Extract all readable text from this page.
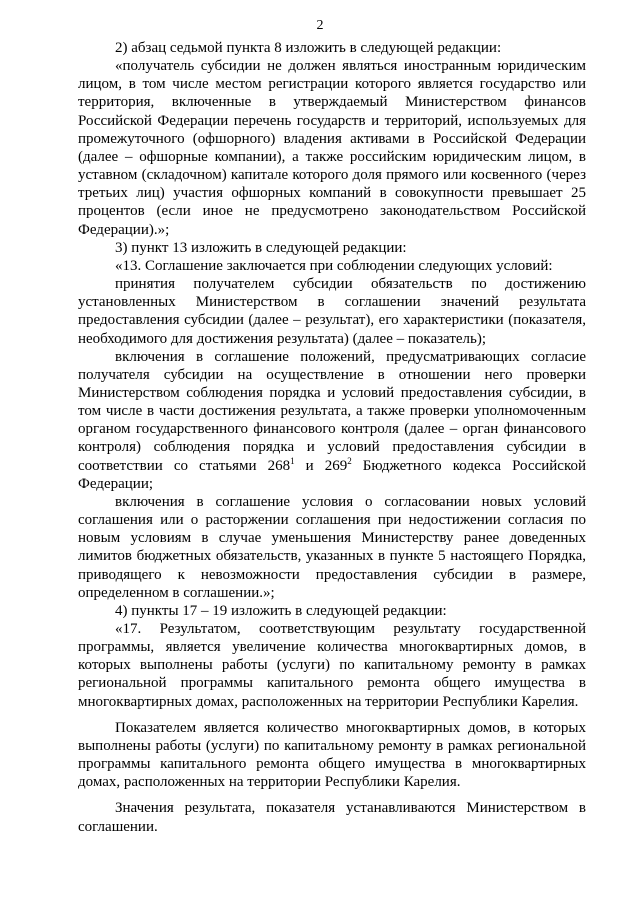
2

2) абзац седьмой пункта 8 изложить в следующей редакции:

«получатель субсидии не должен являться иностранным юридическим лицом, в том числе местом регистрации которого является государство или территория, включенные в утверждаемый Министерством финансов Российской Федерации перечень государств и территорий, используемых для промежуточного (офшорного) владения активами в Российской Федерации (далее – офшорные компании), а также российским юридическим лицом, в уставном (складочном) капитале которого доля прямого или косвенного (через третьих лиц) участия офшорных компаний в совокупности превышает 25 процентов (если иное не предусмотрено законодательством Российской Федерации).»;

3) пункт 13 изложить в следующей редакции:

«13. Соглашение заключается при соблюдении следующих условий:

принятия получателем субсидии обязательств по достижению установленных Министерством в соглашении значений результата предоставления субсидии (далее – результат), его характеристики (показателя, необходимого для достижения результата) (далее – показатель);

включения в соглашение положений, предусматривающих согласие получателя субсидии на осуществление в отношении него проверки Министерством соблюдения порядка и условий предоставления субсидии, в том числе в части достижения результата, а также проверки уполномоченным органом государственного финансового контроля (далее – орган финансового контроля) соблюдения порядка и условий предоставления субсидии в соответствии со статьями $268^1$ и $269^2$ Бюджетного кодекса Российской Федерации;

включения в соглашение условия о согласовании новых условий соглашения или о расторжении соглашения при недостижении согласия по новым условиям в случае уменьшения Министерству ранее доведенных лимитов бюджетных обязательств, указанных в пункте 5 настоящего Порядка, приводящего к невозможности предоставления субсидии в размере, определенном в соглашении.»;

4) пункты 17 – 19 изложить в следующей редакции:

«17. Результатом, соответствующим результату государственной программы, является увеличение количества многоквартирных домов, в которых выполнены работы (услуги) по капитальному ремонту в рамках региональной программы капитального ремонта общего имущества в многоквартирных домах, расположенных на территории Республики Карелия.

Показателем является количество многоквартирных домов, в которых выполнены работы (услуги) по капитальному ремонту в рамках региональной программы капитального ремонта общего имущества в многоквартирных домах, расположенных на территории Республики Карелия.

Значения результата, показателя устанавливаются Министерством в соглашении.
